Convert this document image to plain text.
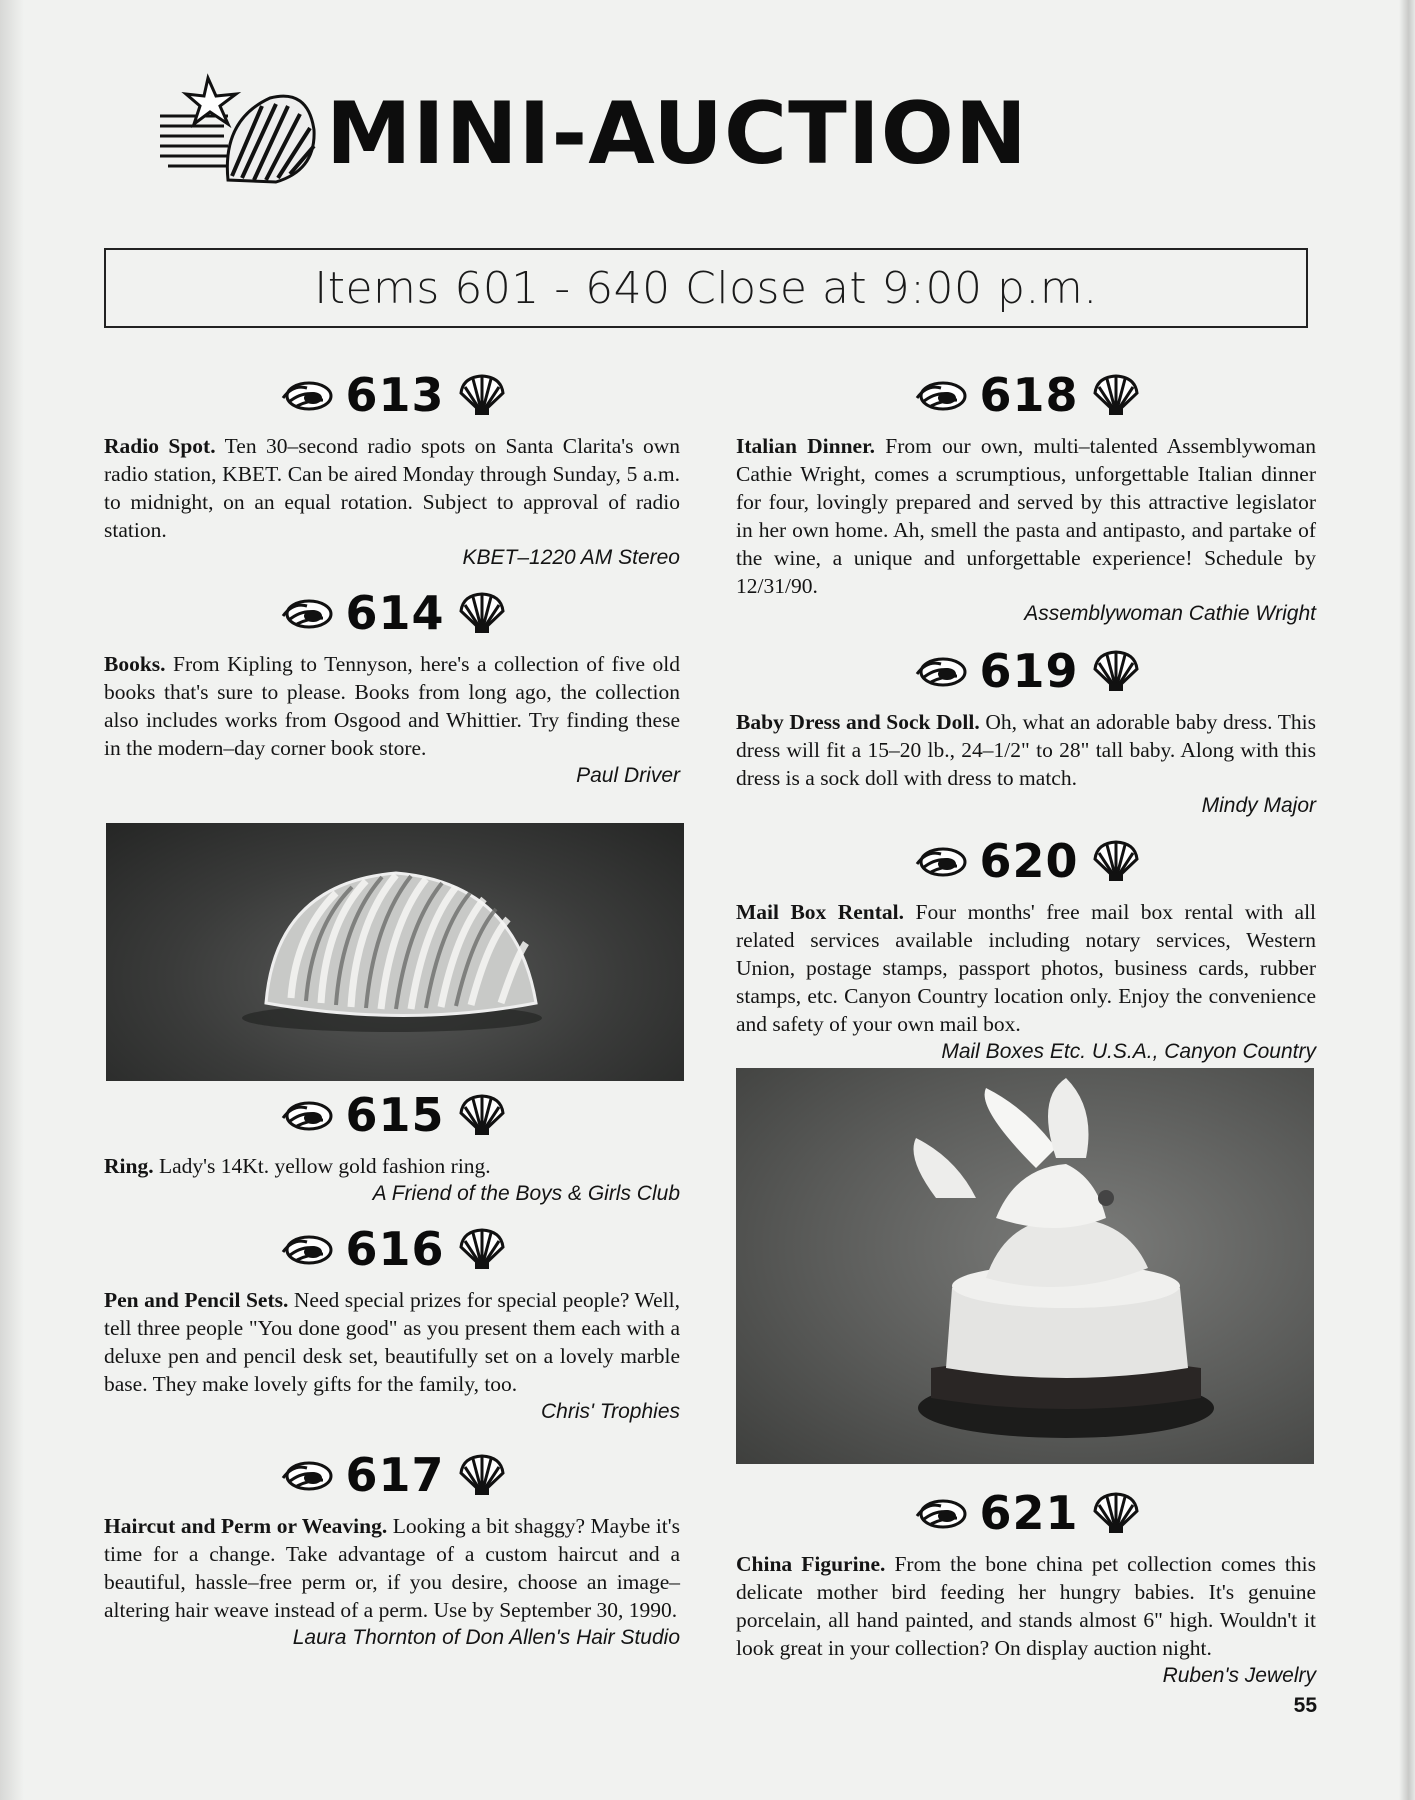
MINI-AUCTION
Items 601 - 640 Close at 9:00 p.m.
613

Radio Spot. Ten 30–second radio spots on Santa Clarita's own radio station, KBET. Can be aired Monday through Sunday, 5 a.m. to midnight, on an equal rotation. Subject to approval of radio station.

KBET–1220 AM Stereo

614

Books. From Kipling to Tennyson, here's a collection of five old books that's sure to please. Books from long ago, the collection also includes works from Osgood and Whittier. Try finding these in the modern–day corner book store.

Paul Driver

615

Ring. Lady's 14Kt. yellow gold fashion ring.

A Friend of the Boys & Girls Club

616

Pen and Pencil Sets. Need special prizes for special people? Well, tell three people "You done good" as you present them each with a deluxe pen and pencil desk set, beautifully set on a lovely marble base. They make lovely gifts for the family, too.

Chris' Trophies

617

Haircut and Perm or Weaving. Looking a bit shaggy? Maybe it's time for a change. Take advantage of a custom haircut and a beautiful, hassle–free perm or, if you desire, choose an image–altering hair weave instead of a perm. Use by September 30, 1990.

Laura Thornton of Don Allen's Hair Studio

618

Italian Dinner. From our own, multi–talented Assemblywoman Cathie Wright, comes a scrumptious, unforgettable Italian dinner for four, lovingly prepared and served by this attractive legislator in her own home. Ah, smell the pasta and antipasto, and partake of the wine, a unique and unforgettable experience! Schedule by 12/31/90.

Assemblywoman Cathie Wright

619

Baby Dress and Sock Doll. Oh, what an adorable baby dress. This dress will fit a 15–20 lb., 24–1/2" to 28" tall baby. Along with this dress is a sock doll with dress to match.

Mindy Major

620

Mail Box Rental. Four months' free mail box rental with all related services available including notary services, Western Union, postage stamps, passport photos, business cards, rubber stamps, etc. Canyon Country location only. Enjoy the convenience and safety of your own mail box.

Mail Boxes Etc. U.S.A., Canyon Country

621

China Figurine. From the bone china pet collection comes this delicate mother bird feeding her hungry babies. It's genuine porcelain, all hand painted, and stands almost 6" high. Wouldn't it look great in your collection? On display auction night.

Ruben's Jewelry

55
